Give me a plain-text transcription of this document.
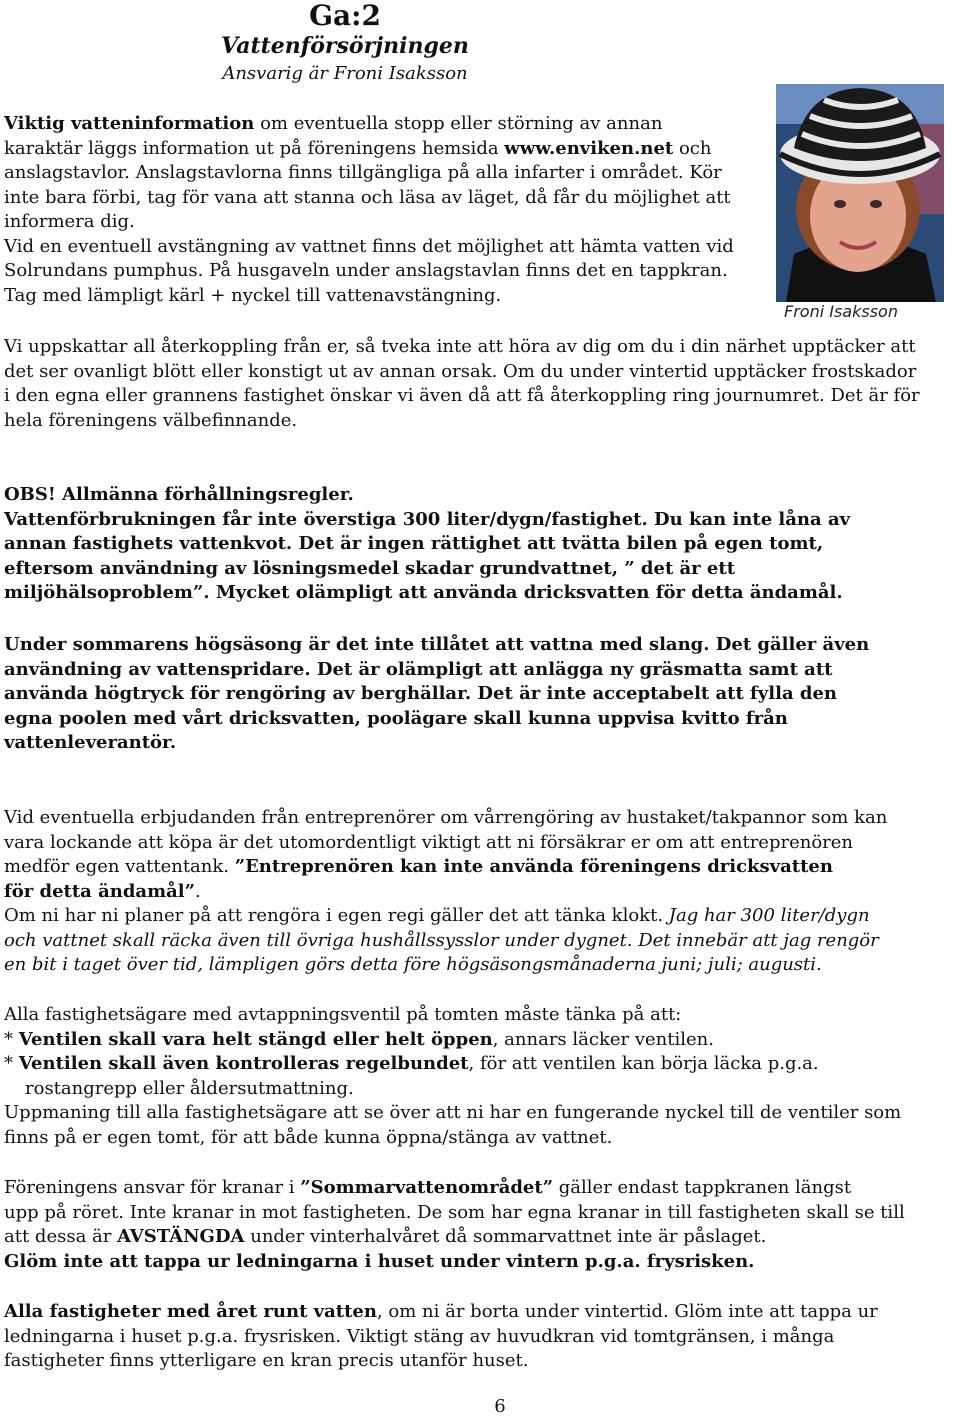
Ga:2
Vattenförsörjningen
Ansvarig är Froni Isaksson
Froni Isaksson
Viktig vatteninformation om eventuella stopp eller störning av annan
karaktär läggs information ut på föreningens hemsida www.enviken.net och
anslagstavlor. Anslagstavlorna finns tillgängliga på alla infarter i området. Kör
inte bara förbi, tag för vana att stanna och läsa av läget, då får du möjlighet att
informera dig.
Vid en eventuell avstängning av vattnet finns det möjlighet att hämta vatten vid
Solrundans pumphus. På husgaveln under anslagstavlan finns det en tappkran.
Tag med lämpligt kärl + nyckel till vattenavstängning.
Vi uppskattar all återkoppling från er, så tveka inte att höra av dig om du i din närhet upptäcker att
det ser ovanligt blött eller konstigt ut av annan orsak. Om du under vintertid upptäcker frostskador
i den egna eller grannens fastighet önskar vi även då att få återkoppling ring journumret. Det är för
hela föreningens välbefinnande.
OBS! Allmänna förhållningsregler.
Vattenförbrukningen får inte överstiga 300 liter/dygn/fastighet. Du kan inte låna av
annan fastighets vattenkvot. Det är ingen rättighet att tvätta bilen på egen tomt,
eftersom användning av lösningsmedel skadar grundvattnet, ” det är ett
miljöhälsoproblem”. Mycket olämpligt att använda dricksvatten för detta ändamål.
Under sommarens högsäsong är det inte tillåtet att vattna med slang. Det gäller även
användning av vattenspridare. Det är olämpligt att anlägga ny gräsmatta samt att
använda högtryck för rengöring av berghällar. Det är inte acceptabelt att fylla den
egna poolen med vårt dricksvatten, poolägare skall kunna uppvisa kvitto från
vattenleverantör.
Vid eventuella erbjudanden från entreprenörer om vårrengöring av hustaket/takpannor som kan
vara lockande att köpa är det utomordentligt viktigt att ni försäkrar er om att entreprenören
medför egen vattentank. ”Entreprenören kan inte använda föreningens dricksvatten
för detta ändamål”.
Om ni har ni planer på att rengöra i egen regi gäller det att tänka klokt. Jag har 300 liter/dygn
och vattnet skall räcka även till övriga hushållssysslor under dygnet. Det innebär att jag rengör
en bit i taget över tid, lämpligen görs detta före högsäsongsmånaderna juni; juli; augusti.
Alla fastighetsägare med avtappningsventil på tomten måste tänka på att:
* Ventilen skall vara helt stängd eller helt öppen, annars läcker ventilen.
* Ventilen skall även kontrolleras regelbundet, för att ventilen kan börja läcka p.g.a.
rostangrepp eller åldersutmattning.
Uppmaning till alla fastighetsägare att se över att ni har en fungerande nyckel till de ventiler som
finns på er egen tomt, för att både kunna öppna/stänga av vattnet.
Föreningens ansvar för kranar i ”Sommarvattenområdet” gäller endast tappkranen längst
upp på röret. Inte kranar in mot fastigheten. De som har egna kranar in till fastigheten skall se till
att dessa är AVSTÄNGDA under vinterhalvåret då sommarvattnet inte är påslaget.
Glöm inte att tappa ur ledningarna i huset under vintern p.g.a. frysrisken.
Alla fastigheter med året runt vatten, om ni är borta under vintertid. Glöm inte att tappa ur
ledningarna i huset p.g.a. frysrisken. Viktigt stäng av huvudkran vid tomtgränsen, i många
fastigheter finns ytterligare en kran precis utanför huset.
6
